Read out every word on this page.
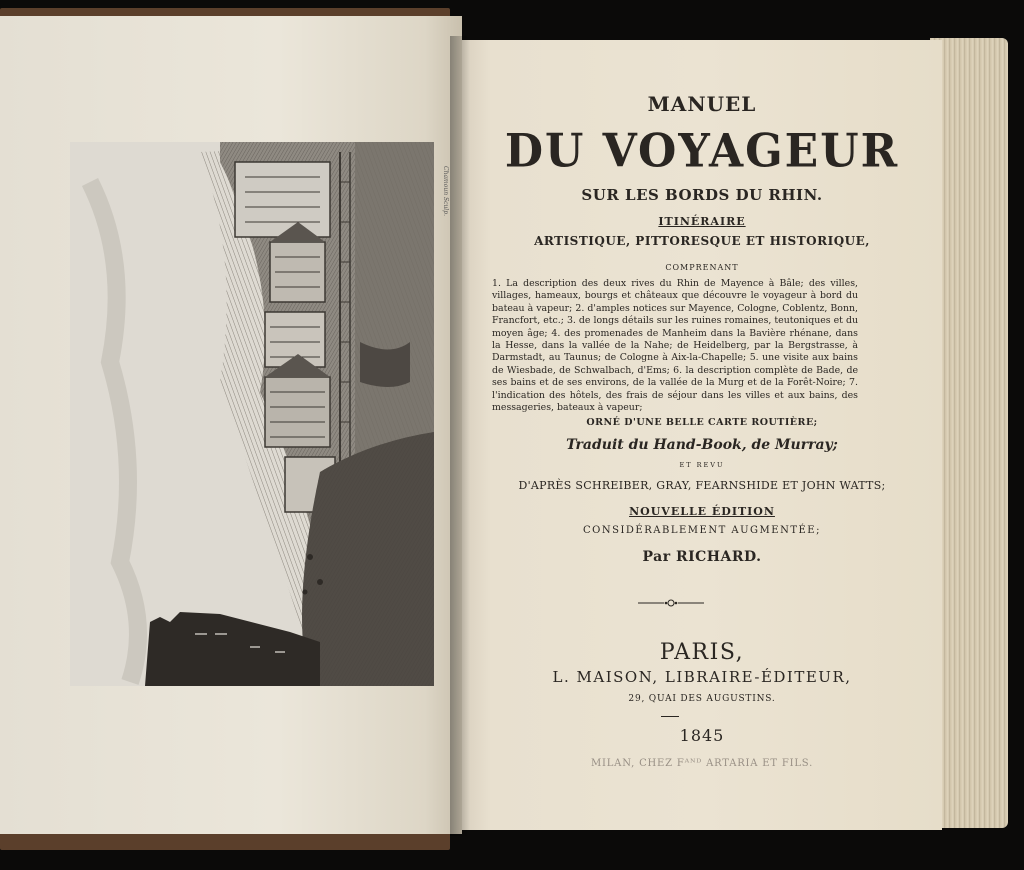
Chamoun Sculp.
MANUEL
DU VOYAGEUR
SUR LES BORDS DU RHIN.
ITINÉRAIRE
ARTISTIQUE, PITTORESQUE ET HISTORIQUE,
COMPRENANT
1. La description des deux rives du Rhin de Mayence à Bâle; des villes, villages, hameaux, bourgs et châteaux que découvre le voyageur à bord du bateau à vapeur; 2. d'amples notices sur Mayence, Cologne, Coblentz, Bonn, Francfort, etc.; 3. de longs détails sur les ruines romaines, teutoniques et du moyen âge; 4. des promenades de Manheim dans la Bavière rhénane, dans la Hesse, dans la vallée de la Nahe; de Heidelberg, par la Bergstrasse, à Darmstadt, au Taunus; de Cologne à Aix-la-Chapelle; 5. une visite aux bains de Wiesbade, de Schwalbach, d'Ems; 6. la description complète de Bade, de ses bains et de ses environs, de la vallée de la Murg et de la Forêt-Noire; 7. l'indication des hôtels, des frais de séjour dans les villes et aux bains, des messageries, bateaux à vapeur;
ORNÉ D'UNE BELLE CARTE ROUTIÈRE;
Traduit du Hand-Book, de Murray;
ET REVU
D'APRÈS SCHREIBER, GRAY, FEARNSHIDE ET JOHN WATTS;
NOUVELLE ÉDITION
CONSIDÉRABLEMENT AUGMENTÉE;
Par RICHARD.
PARIS,
L. MAISON, LIBRAIRE-ÉDITEUR,
29, QUAI DES AUGUSTINS.
1845
MILAN, CHEZ Fᴬᴺᴰ ARTARIA ET FILS.
